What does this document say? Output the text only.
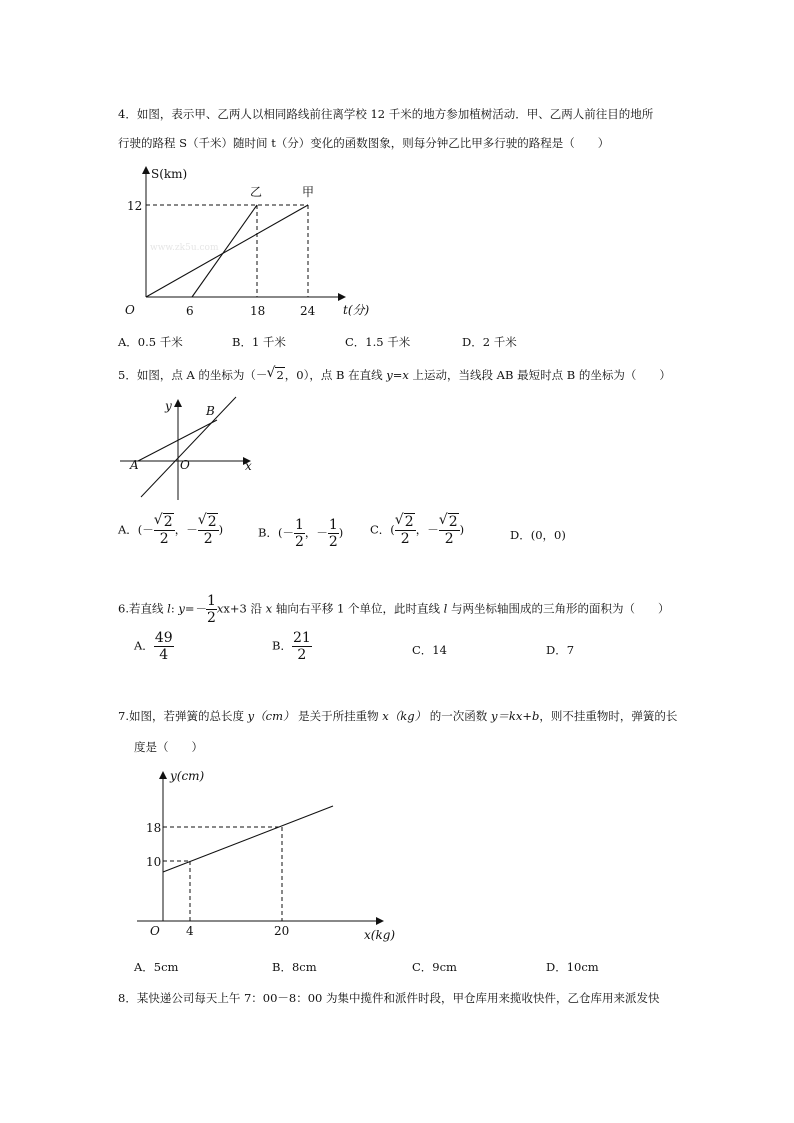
4．如图，表示甲、乙两人以相同路线前往离学校 12 千米的地方参加植树活动．甲、乙两人前往目的地所
行驶的路程 S（千米）随时间 t（分）变化的函数图象，则每分钟乙比甲多行驶的路程是（　　）
www.zk5u.com
S(km)
12
O	6	18	24 t(分)
乙	甲
A．0.5 千米	B．1 千米	C．1.5 千米	D．2 千米
5．如图，点 A 的坐标为（－ √ 2，0），点 B 在直线 y=x 上运动，当线段 AB 最短时点 B 的坐标为（　　）
y	B
A	O	x
A．(－ √ $\frac{2}{2}$ ，－ √ $\frac{2}{2}$ )	B．(－ $\frac{1}{2}$ ，－ $\frac{1}{2}$ ) C．( √ $\frac{2}{2}$ ，－ √ $\frac{2}{2}$ )	D．(0，0)
6.若直线 l: $y=- \frac{1}{2} xx+3$ 沿 x 轴向右平移 1 个单位，此时直线 l 与两坐标轴围成的三角形的面积为（　　）
A． $\frac{49}{4}$	B． $\frac{21}{2}$	C．14	D．7
7.如图，若弹簧的总长度 y（cm） 是关于所挂重物 x（kg） 的一次函数 y＝kx+b，则不挂重物时，弹簧的长
度是（　　）
y(cm)
18
10
O 4	20	x(kg)
A．5cm	B．8cm	C．9cm	D．10cm
8．某快递公司每天上午 7：00－8：00 为集中揽件和派件时段，甲仓库用来揽收快件，乙仓库用来派发快
